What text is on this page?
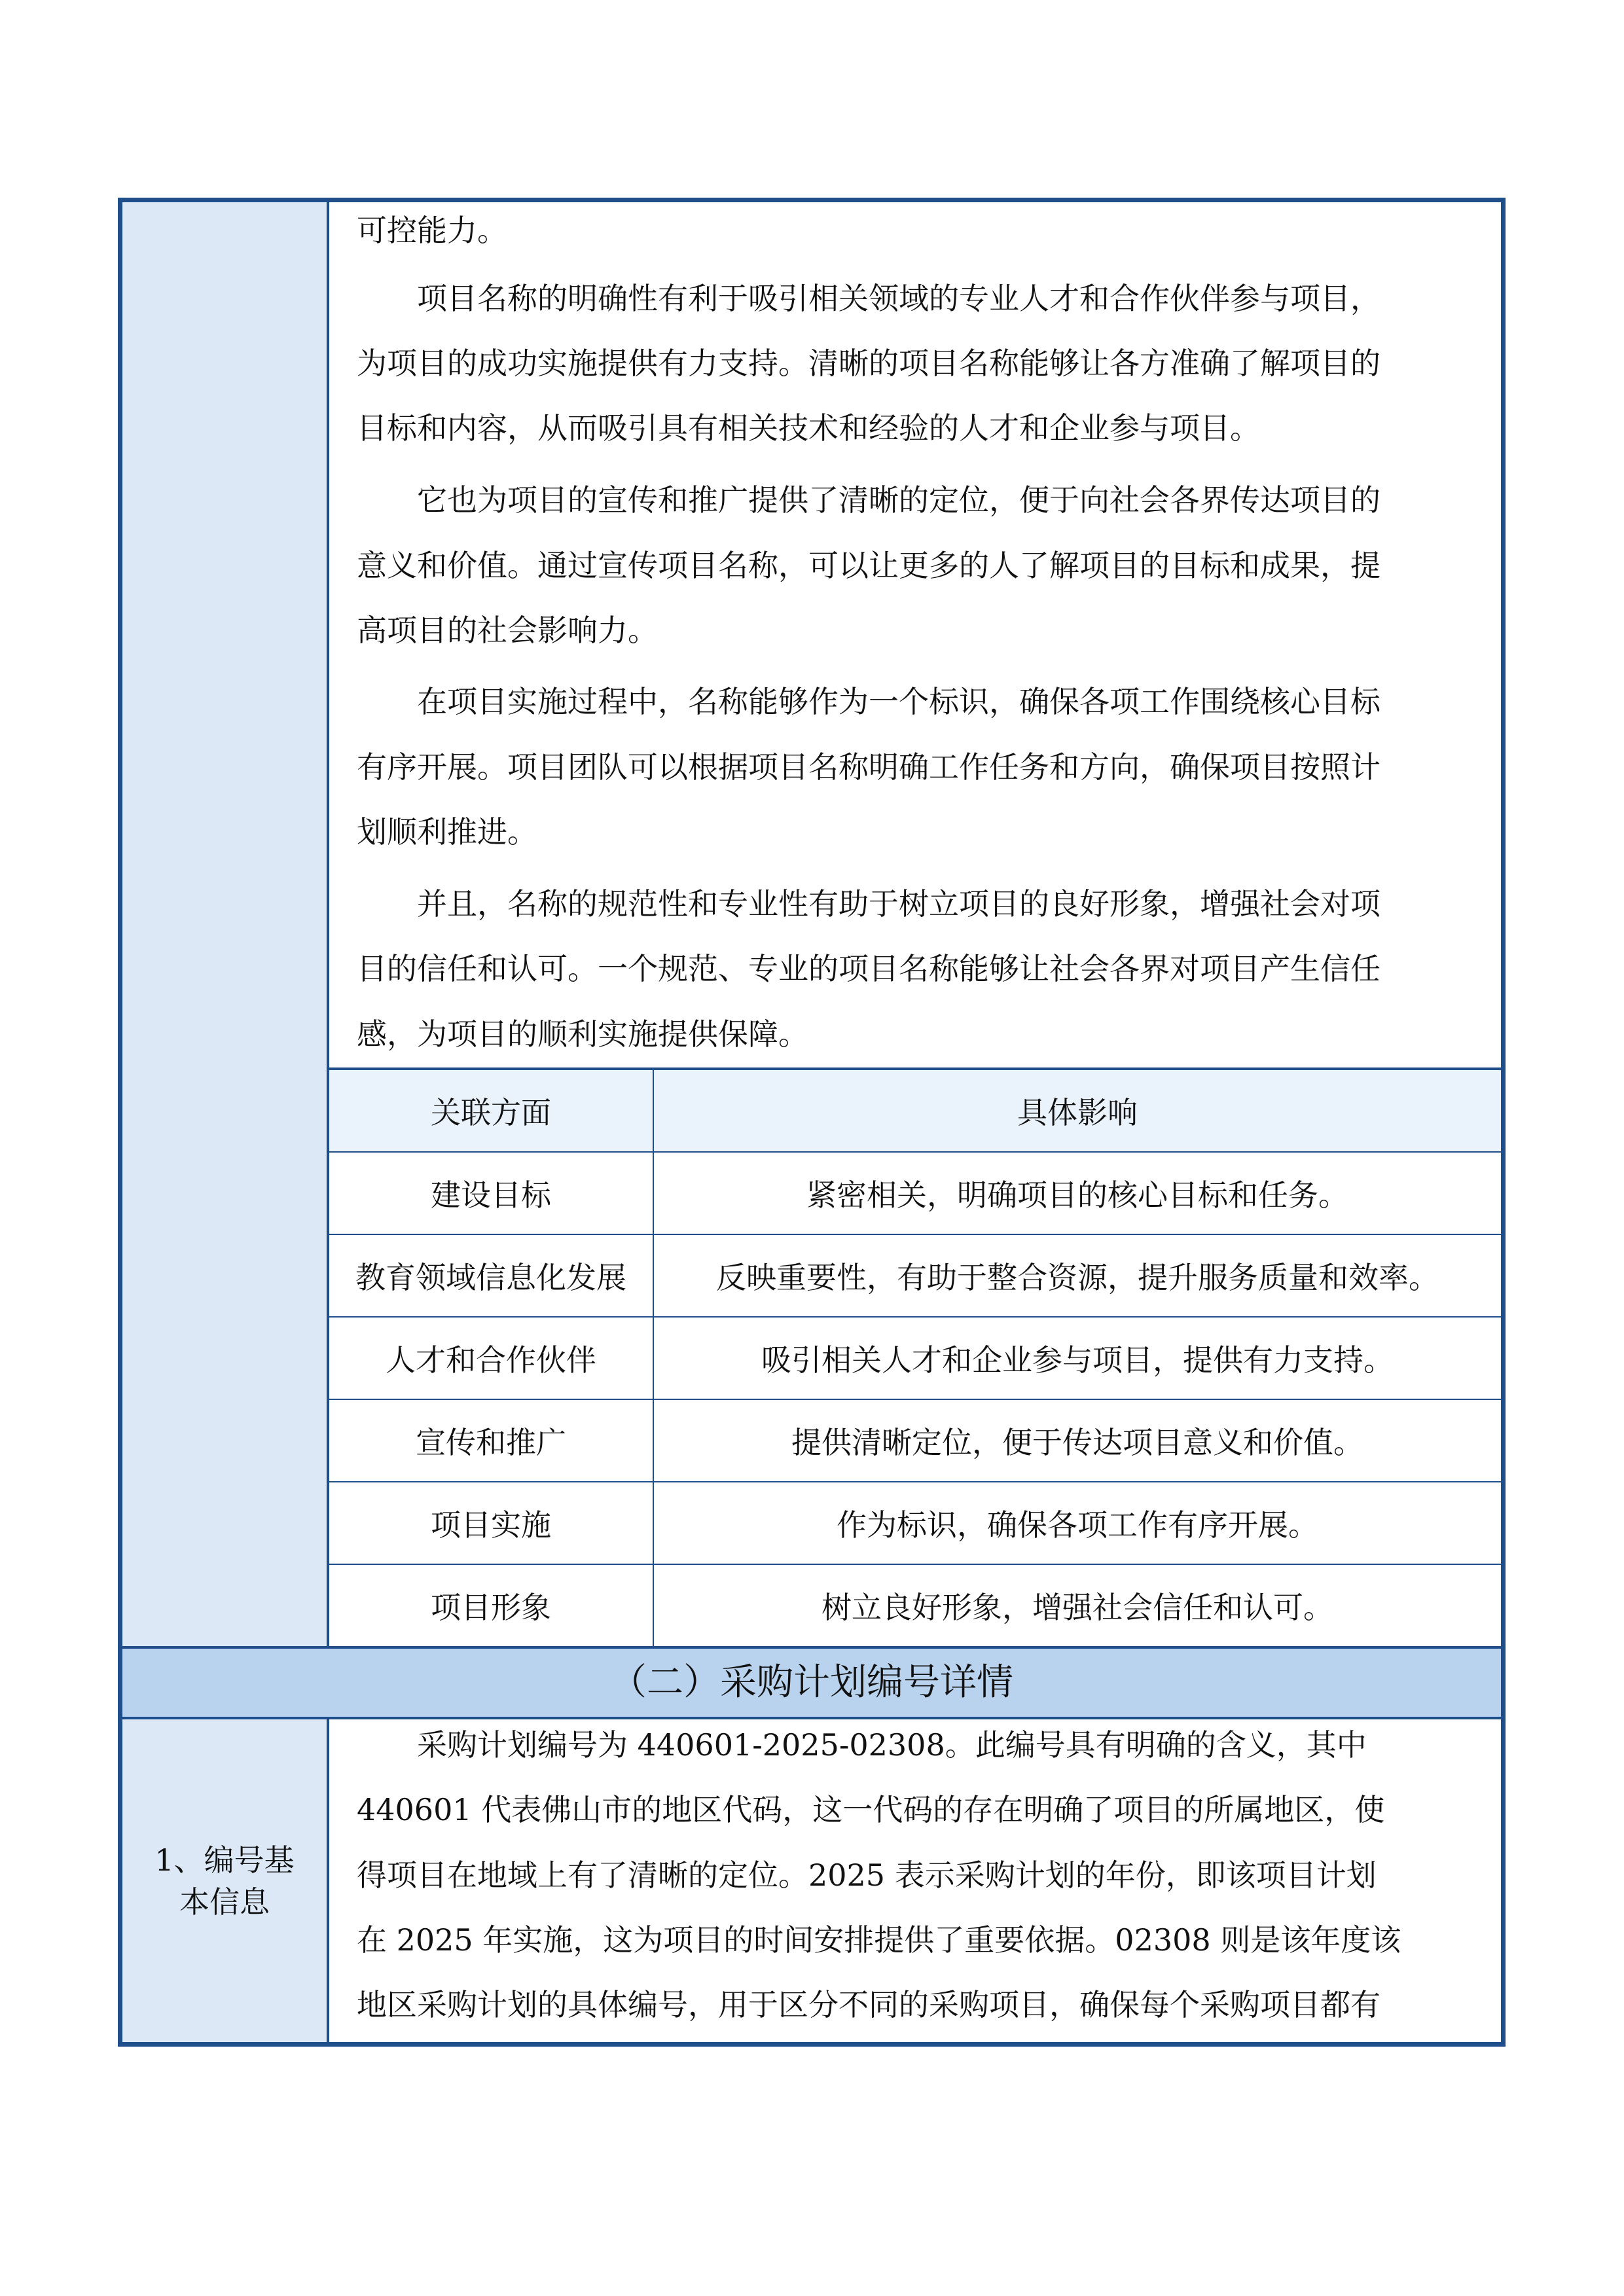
可控能力。
项目名称的明确性有利于吸引相关领域的专业人才和合作伙伴参与项目，
为项目的成功实施提供有力支持。清晰的项目名称能够让各方准确了解项目的
目标和内容，从而吸引具有相关技术和经验的人才和企业参与项目。
它也为项目的宣传和推广提供了清晰的定位，便于向社会各界传达项目的
意义和价值。通过宣传项目名称，可以让更多的人了解项目的目标和成果，提
高项目的社会影响力。
在项目实施过程中，名称能够作为一个标识，确保各项工作围绕核心目标
有序开展。项目团队可以根据项目名称明确工作任务和方向，确保项目按照计
划顺利推进。
并且，名称的规范性和专业性有助于树立项目的良好形象，增强社会对项
目的信任和认可。一个规范、专业的项目名称能够让社会各界对项目产生信任
感，为项目的顺利实施提供保障。
关联方面	具体影响
建设目标	紧密相关，明确项目的核心目标和任务。
教育领域信息化发展	反映重要性，有助于整合资源，提升服务质量和效率。
人才和合作伙伴	吸引相关人才和企业参与项目，提供有力支持。
宣传和推广	提供清晰定位，便于传达项目意义和价值。
项目实施	作为标识，确保各项工作有序开展。
项目形象	树立良好形象，增强社会信任和认可。
（二）采购计划编号详情
1、编号基本信息
采购计划编号为 440601-2025-02308。此编号具有明确的含义，其中
440601 代表佛山市的地区代码，这一代码的存在明确了项目的所属地区，使
得项目在地域上有了清晰的定位。2025 表示采购计划的年份，即该项目计划
在 2025 年实施，这为项目的时间安排提供了重要依据。02308 则是该年度该
地区采购计划的具体编号，用于区分不同的采购项目，确保每个采购项目都有
